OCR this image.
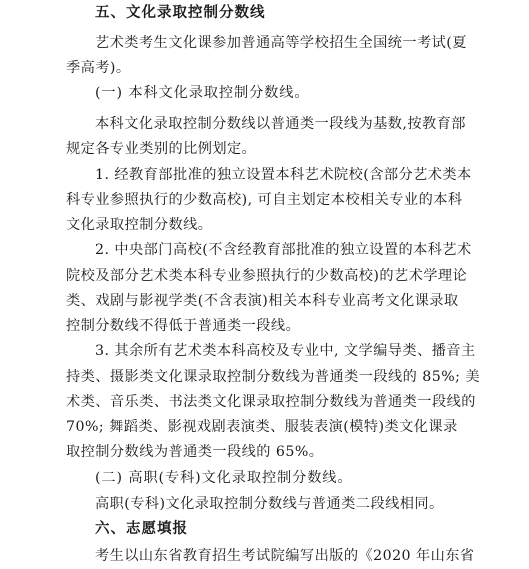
五、文化录取控制分数线
艺术类考生文化课参加普通高等学校招生全国统一考试(夏
季高考)。
(一) 本科文化录取控制分数线。
本科文化录取控制分数线以普通类一段线为基数,按教育部
规定各专业类别的比例划定。
1. 经教育部批准的独立设置本科艺术院校(含部分艺术类本
科专业参照执行的少数高校), 可自主划定本校相关专业的本科
文化录取控制分数线。
2. 中央部门高校(不含经教育部批准的独立设置的本科艺术
院校及部分艺术类本科专业参照执行的少数高校)的艺术学理论
类、戏剧与影视学类(不含表演)相关本科专业高考文化课录取
控制分数线不得低于普通类一段线。
3. 其余所有艺术类本科高校及专业中, 文学编导类、播音主
持类、摄影类文化课录取控制分数线为普通类一段线的 85%; 美
术类、音乐类、书法类文化课录取控制分数线为普通类一段线的
70%; 舞蹈类、影视戏剧表演类、服装表演(模特)类文化课录
取控制分数线为普通类一段线的 65%。
(二) 高职(专科)文化录取控制分数线。
高职(专科)文化录取控制分数线与普通类二段线相同。
六、志愿填报
考生以山东省教育招生考试院编写出版的《2020 年山东省
